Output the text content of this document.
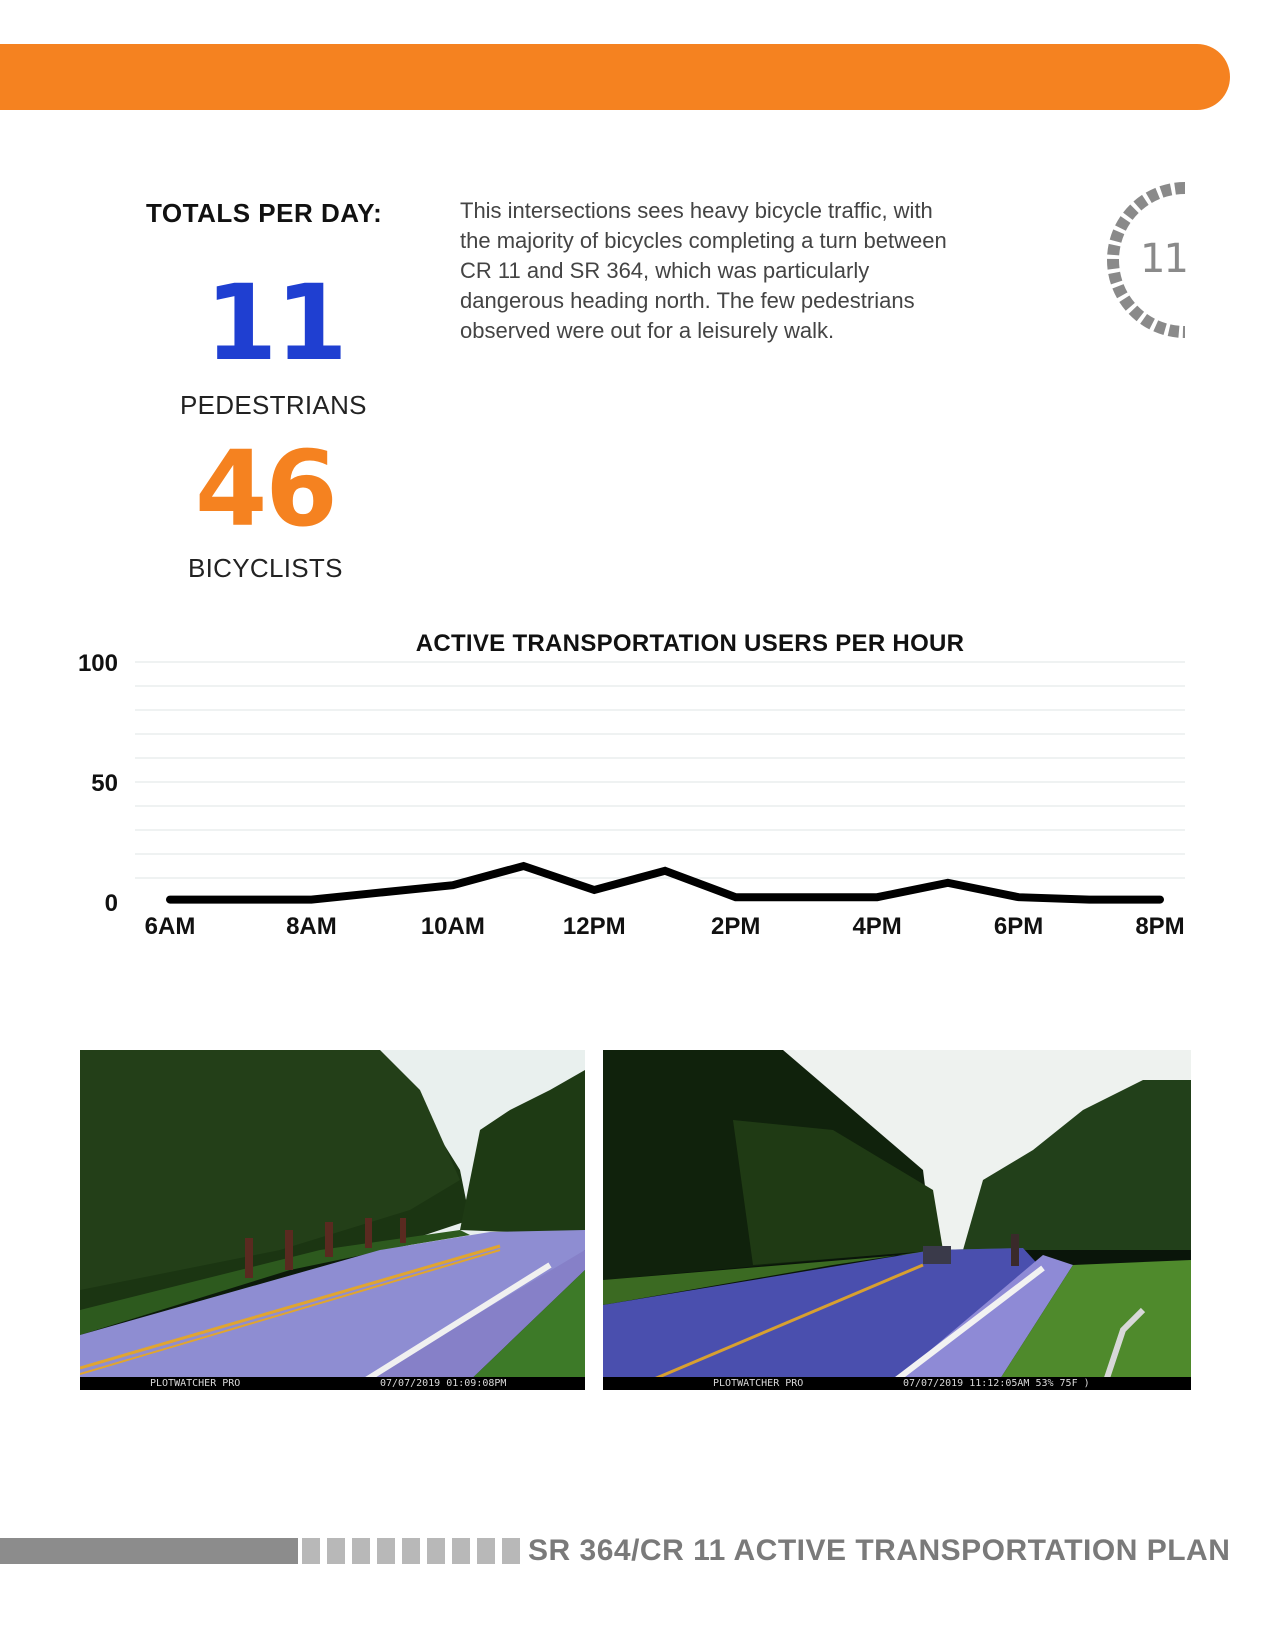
TOTALS PER DAY:
11
PEDESTRIANS
46
BICYCLISTS
This intersections sees heavy bicycle traffic, with the majority of bicycles completing a turn between CR 11 and SR 364, which was particularly dangerous heading north. The few pedestrians observed were out for a leisurely walk.
11
ACTIVE TRANSPORTATION USERS PER HOUR
0
50
100
6AM	8AM	10AM	12PM	2PM	4PM	6PM	8PM
PLOTWATCHER PRO	07/07/2019 01:09:08PM	PLOTWATCHER PRO	07/07/2019 11:12:05AM 53% 75F )
SR 364/CR 11 ACTIVE TRANSPORTATION PLAN
